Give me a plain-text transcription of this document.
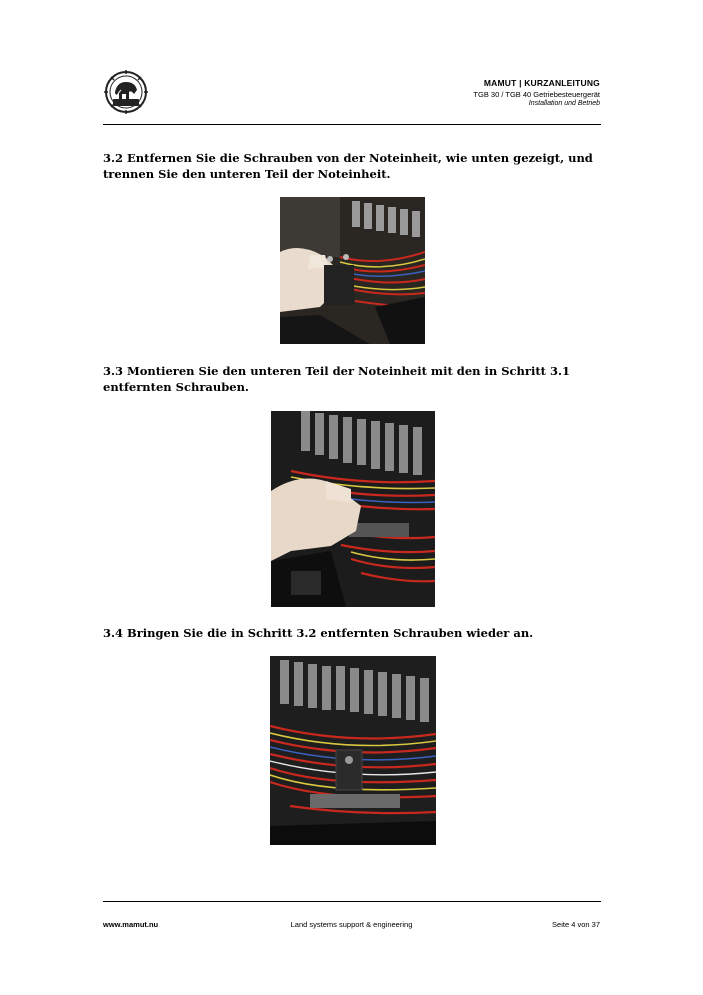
MAMUT | KURZANLEITUNG
TGB 30 / TGB 40 Getriebesteuergerät
Installation und Betrieb
3.2 Entfernen Sie die Schrauben von der Noteinheit, wie unten gezeigt, und trennen Sie den unteren Teil der Noteinheit.
3.3 Montieren Sie den unteren Teil der Noteinheit mit den in Schritt 3.1 entfernten Schrauben.
3.4 Bringen Sie die in Schritt 3.2 entfernten Schrauben wieder an.
www.mamut.nu	Land systems support & engineering	Seite 4 von 37
